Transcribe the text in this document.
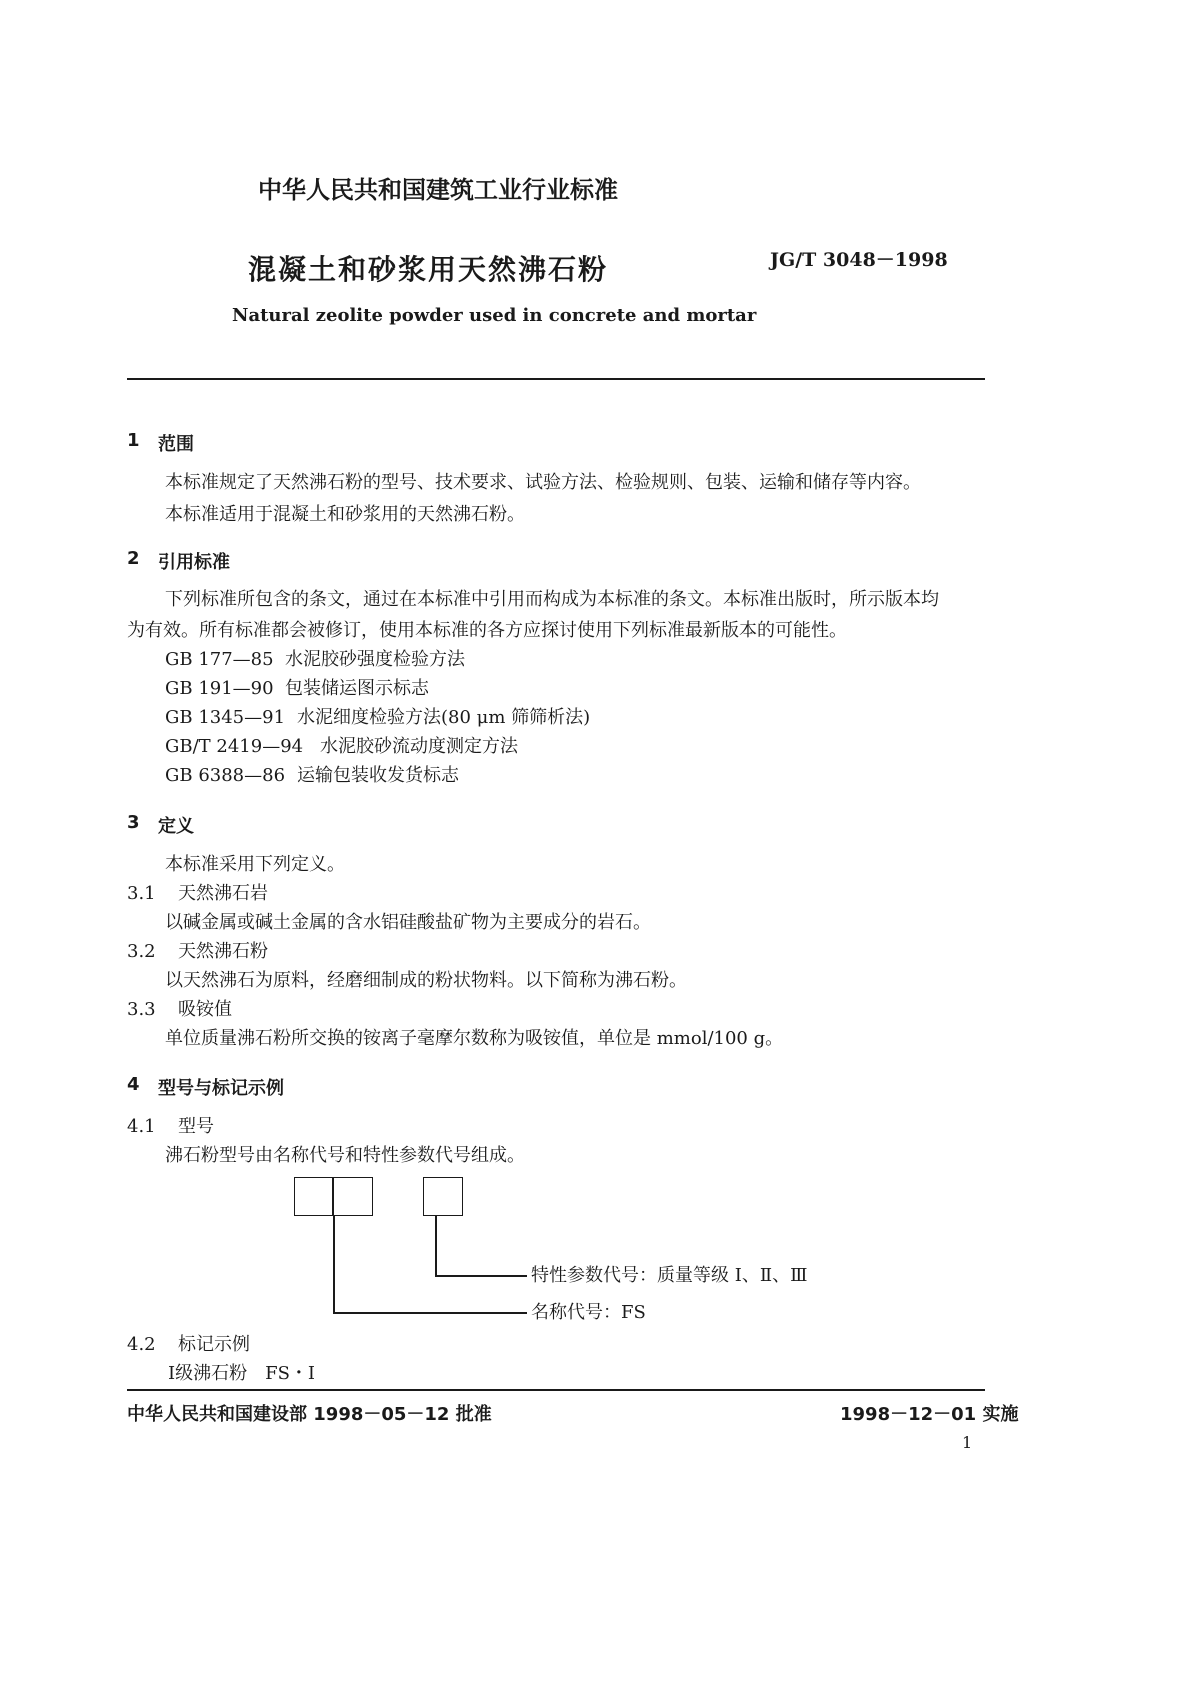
中华人民共和国建筑工业行业标准
混凝土和砂浆用天然沸石粉	JG/T 3048－1998
Natural zeolite powder used in concrete and mortar
1 范围
本标准规定了天然沸石粉的型号、技术要求、试验方法、检验规则、包装、运输和储存等内容。
本标准适用于混凝土和砂浆用的天然沸石粉。
2 引用标准
下列标准所包含的条文，通过在本标准中引用而构成为本标准的条文。本标准出版时，所示版本均
为有效。所有标准都会被修订，使用本标准的各方应探讨使用下列标准最新版本的可能性。
GB 177—85 水泥胶砂强度检验方法
GB 191—90 包装储运图示标志
GB 1345—91 水泥细度检验方法(80 μm 筛筛析法)
GB/T 2419—94 水泥胶砂流动度测定方法
GB 6388—86 运输包装收发货标志
3 定义
本标准采用下列定义。
3.1 天然沸石岩
以碱金属或碱土金属的含水铝硅酸盐矿物为主要成分的岩石。
3.2 天然沸石粉
以天然沸石为原料，经磨细制成的粉状物料。以下简称为沸石粉。
3.3 吸铵值
单位质量沸石粉所交换的铵离子毫摩尔数称为吸铵值，单位是 mmol/100 g。
4 型号与标记示例
4.1 型号
沸石粉型号由名称代号和特性参数代号组成。
特性参数代号：质量等级 Ⅰ、Ⅱ、Ⅲ
名称代号：FS
4.2 标记示例
Ⅰ级沸石粉　FS・Ⅰ
中华人民共和国建设部 1998－05－12 批准	1998－12－01 实施
1
